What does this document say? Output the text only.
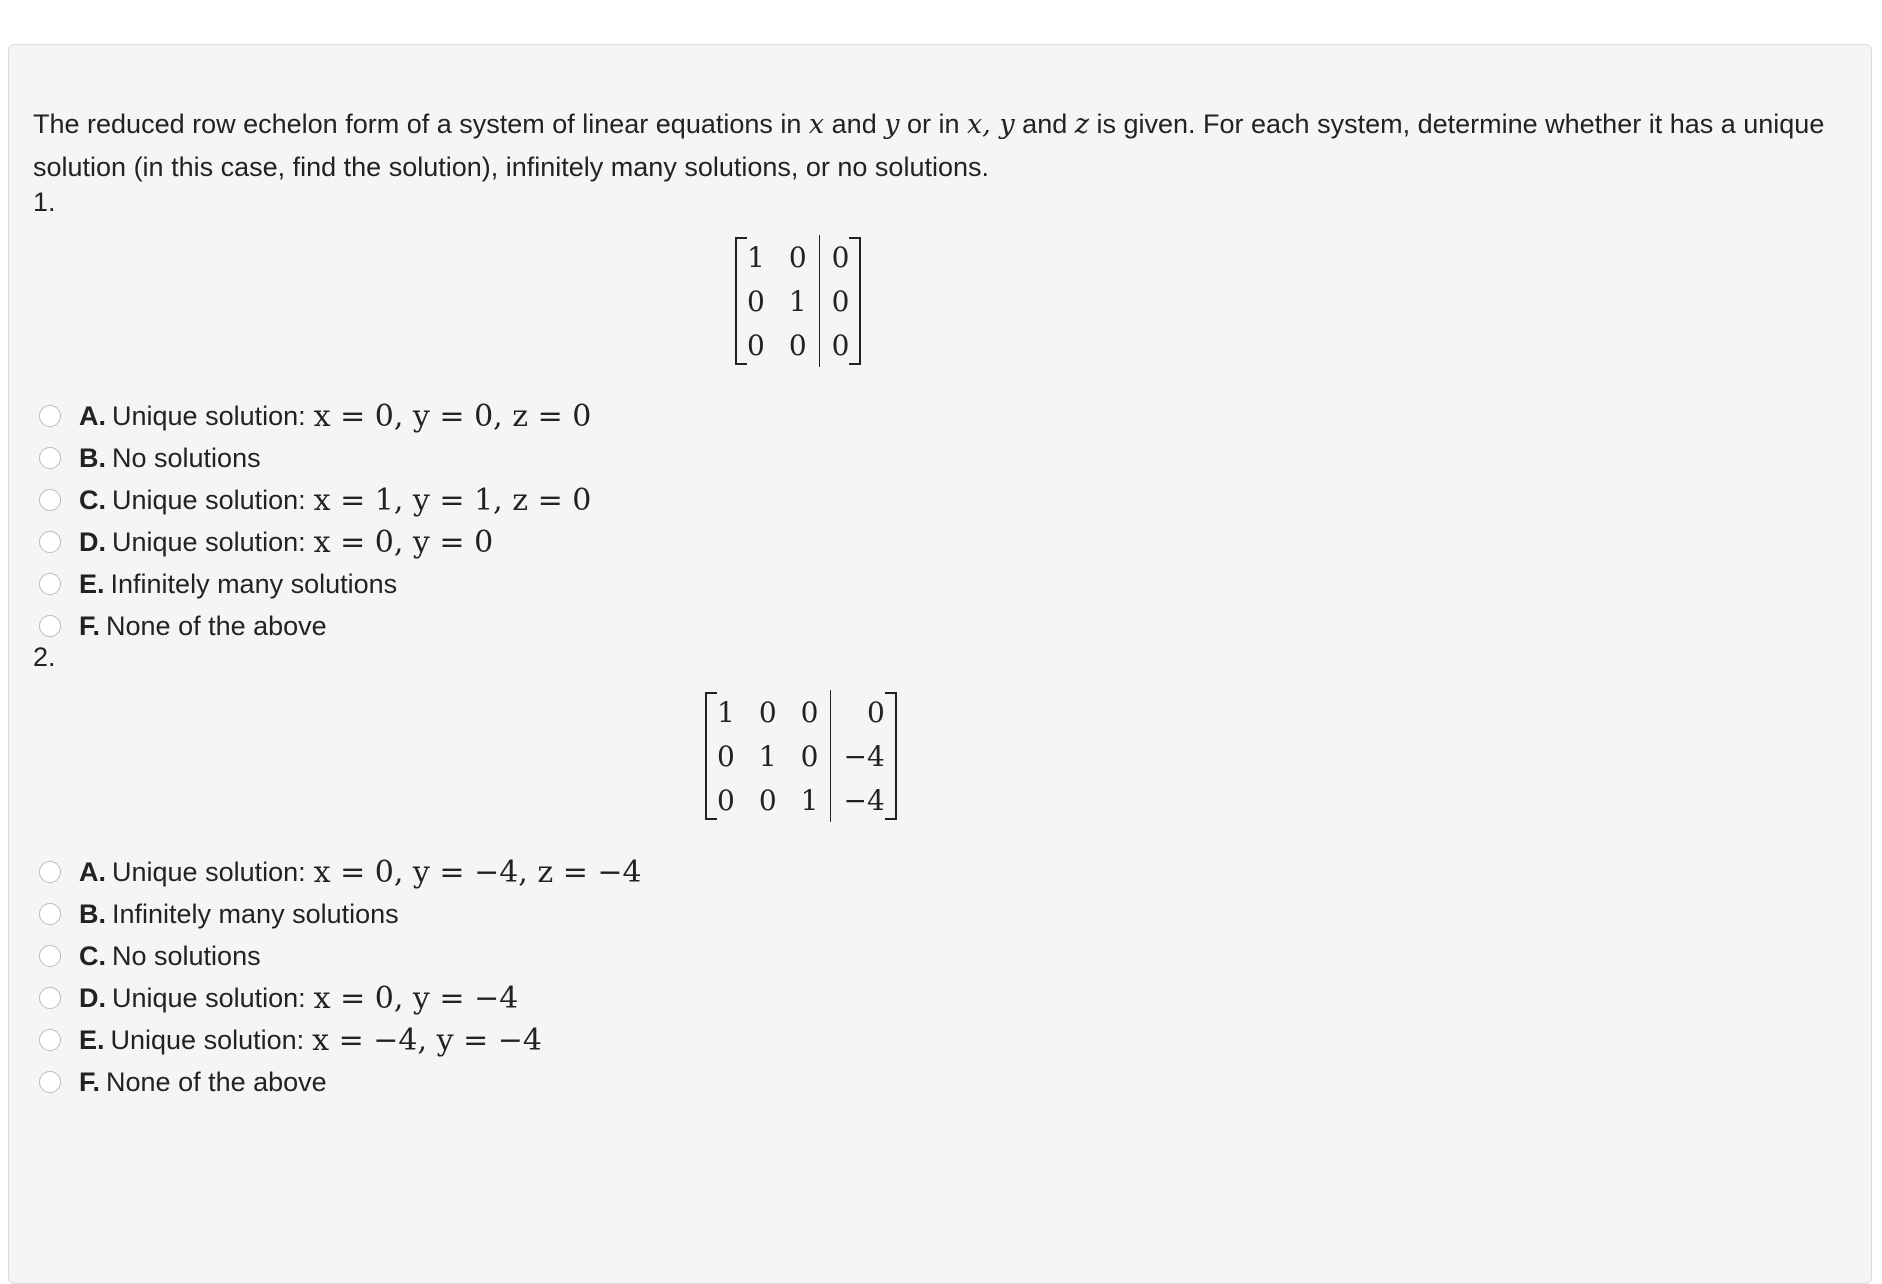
The reduced row echelon form of a system of linear equations in x and y or in x, y and z is given. For each system, determine whether it has a unique solution (in this case, find the solution), infinitely many solutions, or no solutions.
1.
1	0	0
0	1	0
0	0	0
A. Unique solution: x = 0, y = 0, z = 0
B. No solutions
C. Unique solution: x = 1, y = 1, z = 0
D. Unique solution: x = 0, y = 0
E. Infinitely many solutions
F. None of the above
2.
1	0	0	0
0	1	0	−4
0	0	1	−4
A. Unique solution: x = 0, y = −4, z = −4
B. Infinitely many solutions
C. No solutions
D. Unique solution: x = 0, y = −4
E. Unique solution: x = −4, y = −4
F. None of the above
